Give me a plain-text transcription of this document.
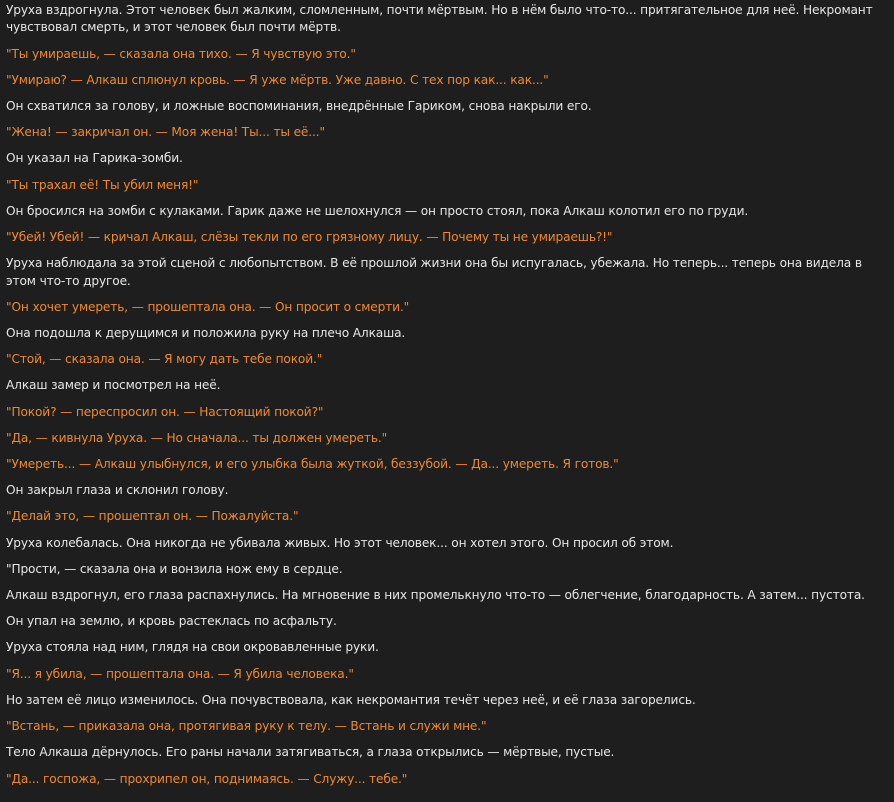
Уруха вздрогнула. Этот человек был жалким, сломленным, почти мёртвым. Но в нём было что-то... притягательное для неё. Некромант чувствовал смерть, и этот человек был почти мёртв.

"Ты умираешь, — сказала она тихо. — Я чувствую это."

"Умираю? — Алкаш сплюнул кровь. — Я уже мёртв. Уже давно. С тех пор как... как..."

Он схватился за голову, и ложные воспоминания, внедрённые Гариком, снова накрыли его.

"Жена! — закричал он. — Моя жена! Ты... ты её..."

Он указал на Гарика-зомби.

"Ты трахал её! Ты убил меня!"

Он бросился на зомби с кулаками. Гарик даже не шелохнулся — он просто стоял, пока Алкаш колотил его по груди.

"Убей! Убей! — кричал Алкаш, слёзы текли по его грязному лицу. — Почему ты не умираешь?!"

Уруха наблюдала за этой сценой с любопытством. В её прошлой жизни она бы испугалась, убежала. Но теперь... теперь она видела в этом что-то другое.

"Он хочет умереть, — прошептала она. — Он просит о смерти."

Она подошла к дерущимся и положила руку на плечо Алкаша.

"Стой, — сказала она. — Я могу дать тебе покой."

Алкаш замер и посмотрел на неё.

"Покой? — переспросил он. — Настоящий покой?"

"Да, — кивнула Уруха. — Но сначала... ты должен умереть."

"Умереть... — Алкаш улыбнулся, и его улыбка была жуткой, беззубой. — Да... умереть. Я готов."

Он закрыл глаза и склонил голову.

"Делай это, — прошептал он. — Пожалуйста."

Уруха колебалась. Она никогда не убивала живых. Но этот человек... он хотел этого. Он просил об этом.

"Прости, — сказала она и вонзила нож ему в сердце.

Алкаш вздрогнул, его глаза распахнулись. На мгновение в них промелькнуло что-то — облегчение, благодарность. А затем... пустота.

Он упал на землю, и кровь растеклась по асфальту.

Уруха стояла над ним, глядя на свои окровавленные руки.

"Я... я убила, — прошептала она. — Я убила человека."

Но затем её лицо изменилось. Она почувствовала, как некромантия течёт через неё, и её глаза загорелись.

"Встань, — приказала она, протягивая руку к телу. — Встань и служи мне."

Тело Алкаша дёрнулось. Его раны начали затягиваться, а глаза открылись — мёртвые, пустые.

"Да... госпожа, — прохрипел он, поднимаясь. — Служу... тебе."
